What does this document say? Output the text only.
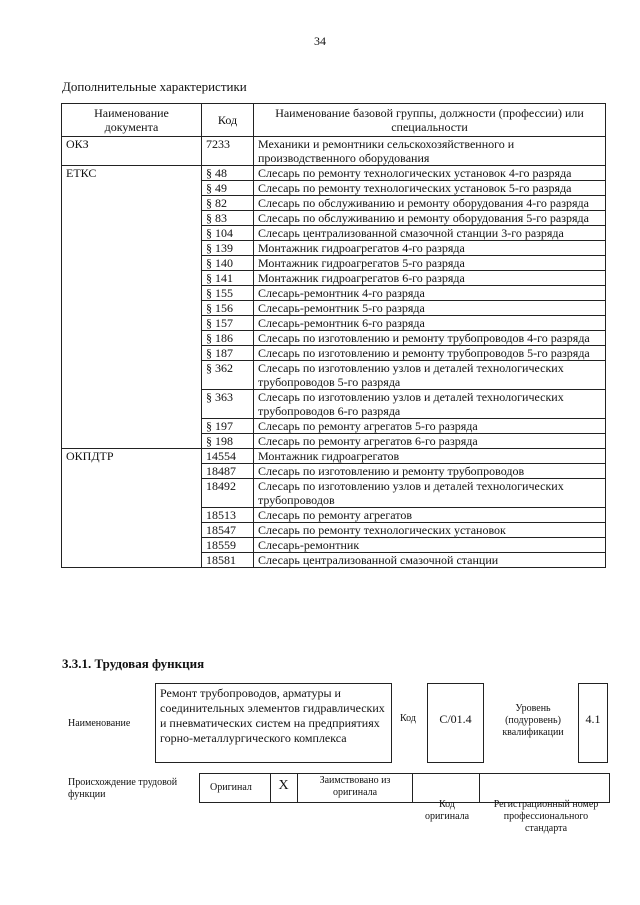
34
Дополнительные характеристики
Наименование документа	Код	Наименование базовой группы, должности (профессии) или специальности
ОКЗ	7233	Механики и ремонтники сельскохозяйственного и производственного оборудования
ЕТКС	§ 48	Слесарь по ремонту технологических установок 4-го разряда
	§ 49	Слесарь по ремонту технологических установок 5-го разряда
	§ 82	Слесарь по обслуживанию и ремонту оборудования 4-го разряда
	§ 83	Слесарь по обслуживанию и ремонту оборудования 5-го разряда
	§ 104	Слесарь централизованной смазочной станции 3-го разряда
	§ 139	Монтажник гидроагрегатов 4-го разряда
	§ 140	Монтажник гидроагрегатов 5-го разряда
	§ 141	Монтажник гидроагрегатов 6-го разряда
	§ 155	Слесарь-ремонтник 4-го разряда
	§ 156	Слесарь-ремонтник 5-го разряда
	§ 157	Слесарь-ремонтник 6-го разряда
	§ 186	Слесарь по изготовлению и ремонту трубопроводов 4-го разряда
	§ 187	Слесарь по изготовлению и ремонту трубопроводов 5-го разряда
	§ 362	Слесарь по изготовлению узлов и деталей технологических трубопроводов 5-го разряда
	§ 363	Слесарь по изготовлению узлов и деталей технологических трубопроводов 6-го разряда
	§ 197	Слесарь по ремонту агрегатов 5-го разряда
	§ 198	Слесарь по ремонту агрегатов 6-го разряда
ОКПДТР	14554	Монтажник гидроагрегатов
	18487	Слесарь по изготовлению и ремонту трубопроводов
	18492	Слесарь по изготовлению узлов и деталей технологических трубопроводов
	18513	Слесарь по ремонту агрегатов
	18547	Слесарь по ремонту технологических установок
	18559	Слесарь-ремонтник
	18581	Слесарь централизованной смазочной станции
3.3.1. Трудовая функция
Наименование
Ремонт трубопроводов, арматуры и соединительных элементов гидравлических и пневматических систем на предприятиях горно-металлургического комплекса
Код	C/01.4
Уровень (подуровень) квалификации
4.1
Происхождение трудовой функции
Оригинал	X	Заимствовано из оригинала
Код оригинала
Регистрационный номер профессионального стандарта
